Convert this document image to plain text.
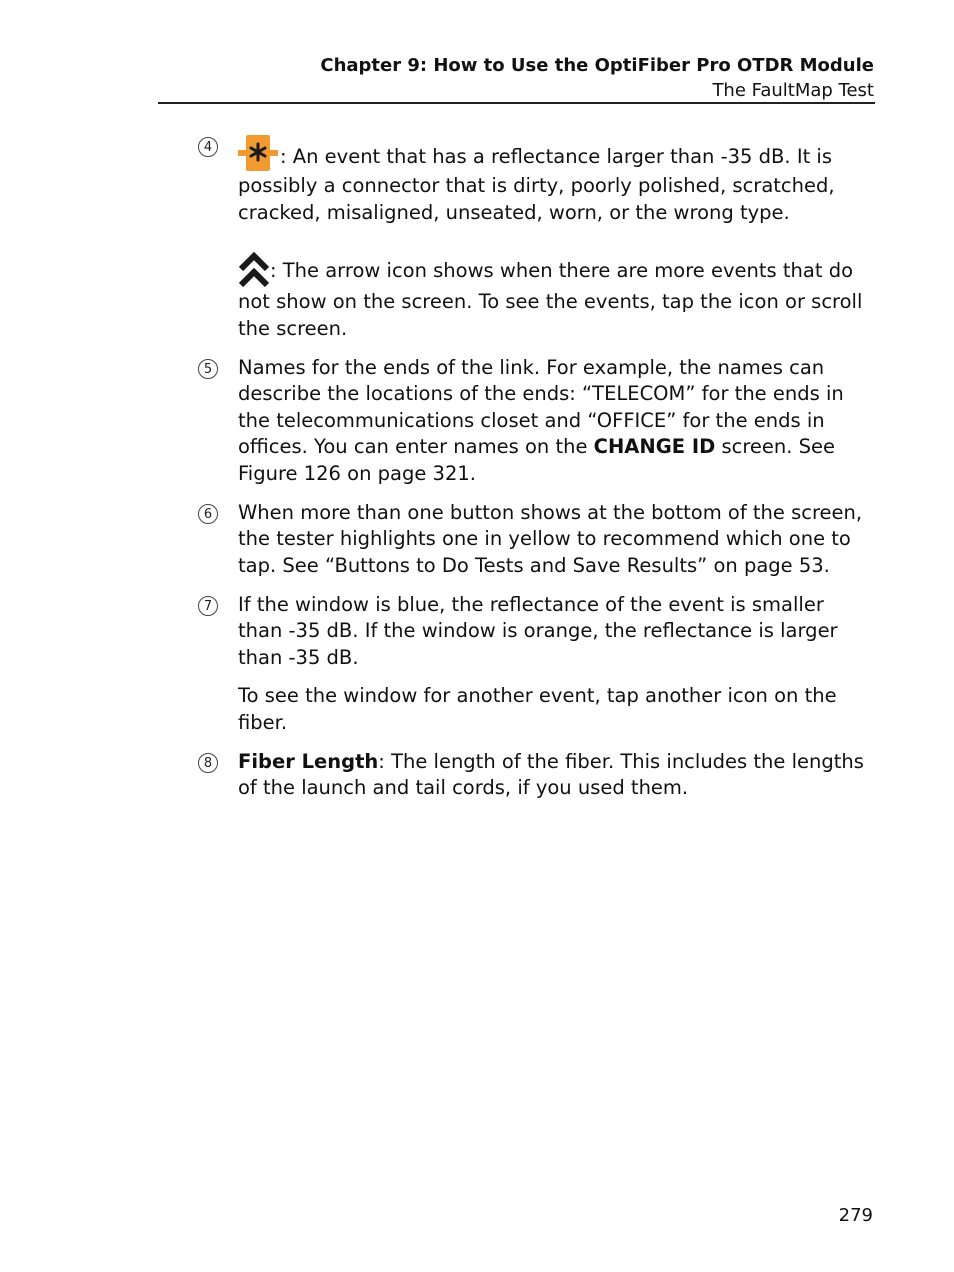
Chapter 9: How to Use the OptiFiber Pro OTDR Module
The FaultMap Test
4	: An event that has a reflectance larger than -35 dB. It is possibly a connector that is dirty, poorly polished, scratched, cracked, misaligned, unseated, worn, or the wrong type.

: The arrow icon shows when there are more events that do not show on the screen. To see the events, tap the icon or scroll the screen.

5	Names for the ends of the link. For example, the names can describe the locations of the ends: “TELECOM” for the ends in the telecommunications closet and “OFFICE” for the ends in offices. You can enter names on the CHANGE ID screen. See Figure 126 on page 321.

6	When more than one button shows at the bottom of the screen, the tester highlights one in yellow to recommend which one to tap. See “Buttons to Do Tests and Save Results” on page 53.

7	If the window is blue, the reflectance of the event is smaller than -35 dB. If the window is orange, the reflectance is larger than -35 dB.

To see the window for another event, tap another icon on the fiber.

8	Fiber Length: The length of the fiber. This includes the lengths of the launch and tail cords, if you used them.

279
